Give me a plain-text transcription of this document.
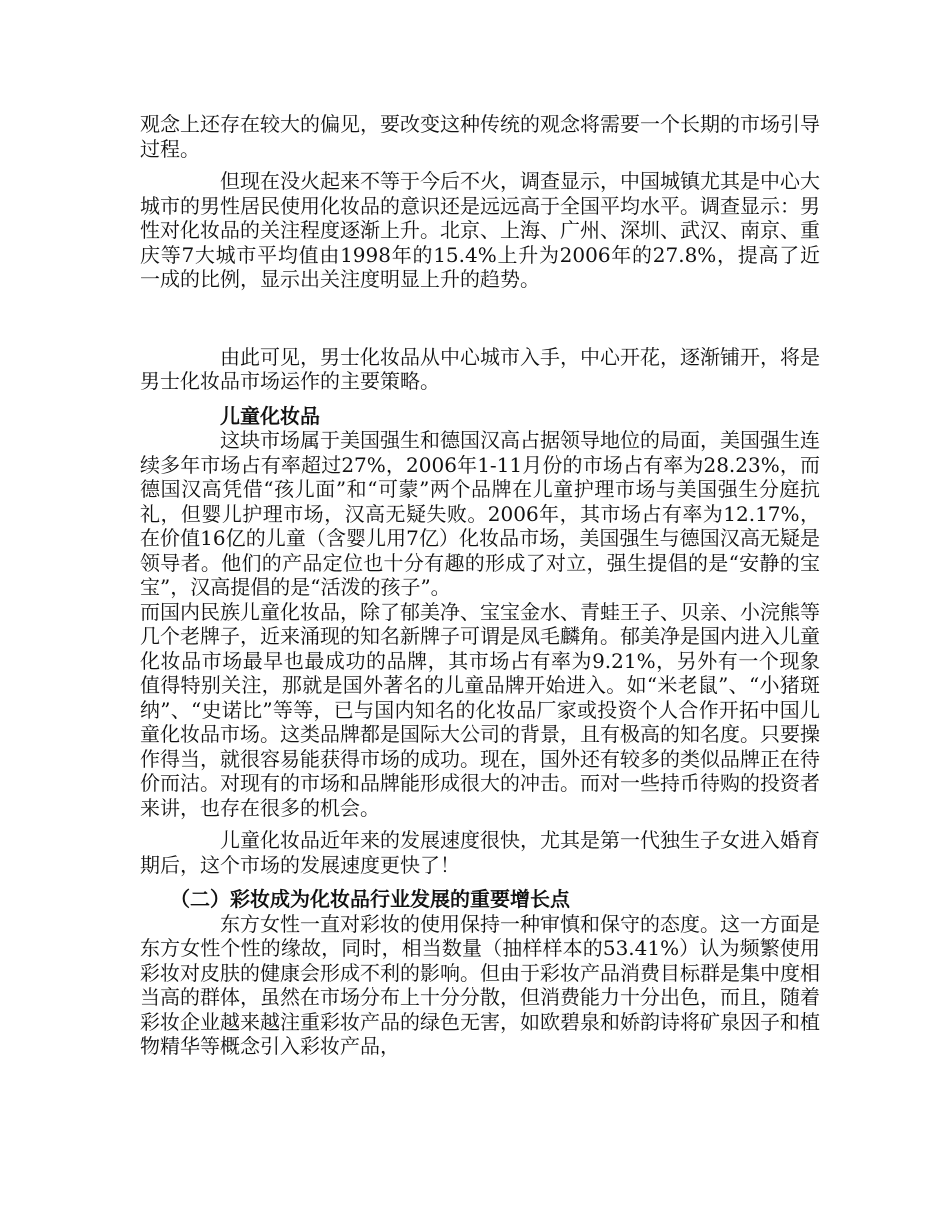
观念上还存在较大的偏见，要改变这种传统的观念将需要一个长期的市场引导过程。

但现在没火起来不等于今后不火，调查显示，中国城镇尤其是中心大城市的男性居民使用化妆品的意识还是远远高于全国平均水平。调查显示：男性对化妆品的关注程度逐渐上升。北京、上海、广州、深圳、武汉、南京、重庆等7大城市平均值由1998年的15.4%上升为2006年的27.8%，提高了近一成的比例，显示出关注度明显上升的趋势。

由此可见，男士化妆品从中心城市入手，中心开花，逐渐铺开，将是男士化妆品市场运作的主要策略。

儿童化妆品

这块市场属于美国强生和德国汉高占据领导地位的局面，美国强生连续多年市场占有率超过27%，2006年1-11月份的市场占有率为28.23%，而德国汉高凭借“孩儿面”和“可蒙”两个品牌在儿童护理市场与美国强生分庭抗礼，但婴儿护理市场，汉高无疑失败。2006年，其市场占有率为12.17%，在价值16亿的儿童（含婴儿用7亿）化妆品市场，美国强生与德国汉高无疑是领导者。他们的产品定位也十分有趣的形成了对立，强生提倡的是“安静的宝宝”，汉高提倡的是“活泼的孩子”。

而国内民族儿童化妆品，除了郁美净、宝宝金水、青蛙王子、贝亲、小浣熊等几个老牌子，近来涌现的知名新牌子可谓是凤毛麟角。郁美净是国内进入儿童化妆品市场最早也最成功的品牌，其市场占有率为9.21%，另外有一个现象值得特别关注，那就是国外著名的儿童品牌开始进入。如“米老鼠”、“小猪斑纳”、“史诺比”等等，已与国内知名的化妆品厂家或投资个人合作开拓中国儿童化妆品市场。这类品牌都是国际大公司的背景，且有极高的知名度。只要操作得当，就很容易能获得市场的成功。现在，国外还有较多的类似品牌正在待价而沽。对现有的市场和品牌能形成很大的冲击。而对一些持币待购的投资者来讲，也存在很多的机会。

儿童化妆品近年来的发展速度很快，尤其是第一代独生子女进入婚育期后，这个市场的发展速度更快了！

（二）彩妆成为化妆品行业发展的重要增长点

东方女性一直对彩妆的使用保持一种审慎和保守的态度。这一方面是东方女性个性的缘故，同时，相当数量（抽样样本的53.41%）认为频繁使用彩妆对皮肤的健康会形成不利的影响。但由于彩妆产品消费目标群是集中度相当高的群体，虽然在市场分布上十分分散，但消费能力十分出色，而且，随着彩妆企业越来越注重彩妆产品的绿色无害，如欧碧泉和娇韵诗将矿泉因子和植物精华等概念引入彩妆产品，
